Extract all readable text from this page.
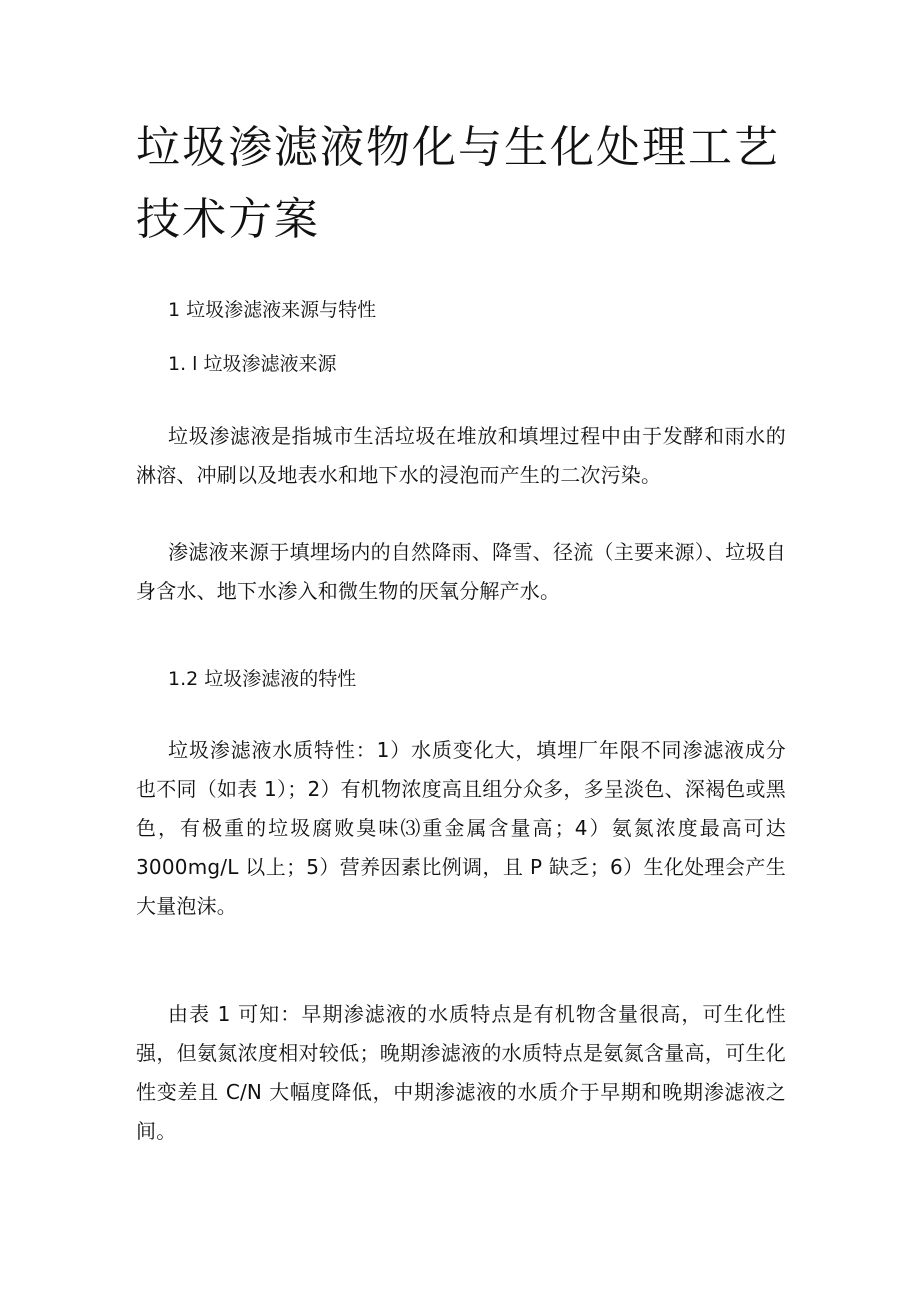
垃圾渗滤液物化与生化处理工艺技术方案
1 垃圾渗滤液来源与特性
1. l 垃圾渗滤液来源

垃圾渗滤液是指城市生活垃圾在堆放和填埋过程中由于发酵和雨水的淋溶、冲刷以及地表水和地下水的浸泡而产生的二次污染。

渗滤液来源于填埋场内的自然降雨、降雪、径流（主要来源）、垃圾自身含水、地下水渗入和微生物的厌氧分解产水。

1.2 垃圾渗滤液的特性

垃圾渗滤液水质特性：1）水质变化大，填埋厂年限不同渗滤液成分也不同（如表 1）；2）有机物浓度高且组分众多，多呈淡色、深褐色或黑色，有极重的垃圾腐败臭味⑶重金属含量高；4）氨氮浓度最高可达 3000mg/L 以上；5）营养因素比例调，且 P 缺乏；6）生化处理会产生大量泡沫。

由表 1 可知：早期渗滤液的水质特点是有机物含量很高，可生化性强，但氨氮浓度相对较低；晚期渗滤液的水质特点是氨氮含量高，可生化性变差且 C/N 大幅度降低，中期渗滤液的水质介于早期和晚期渗滤液之间。
